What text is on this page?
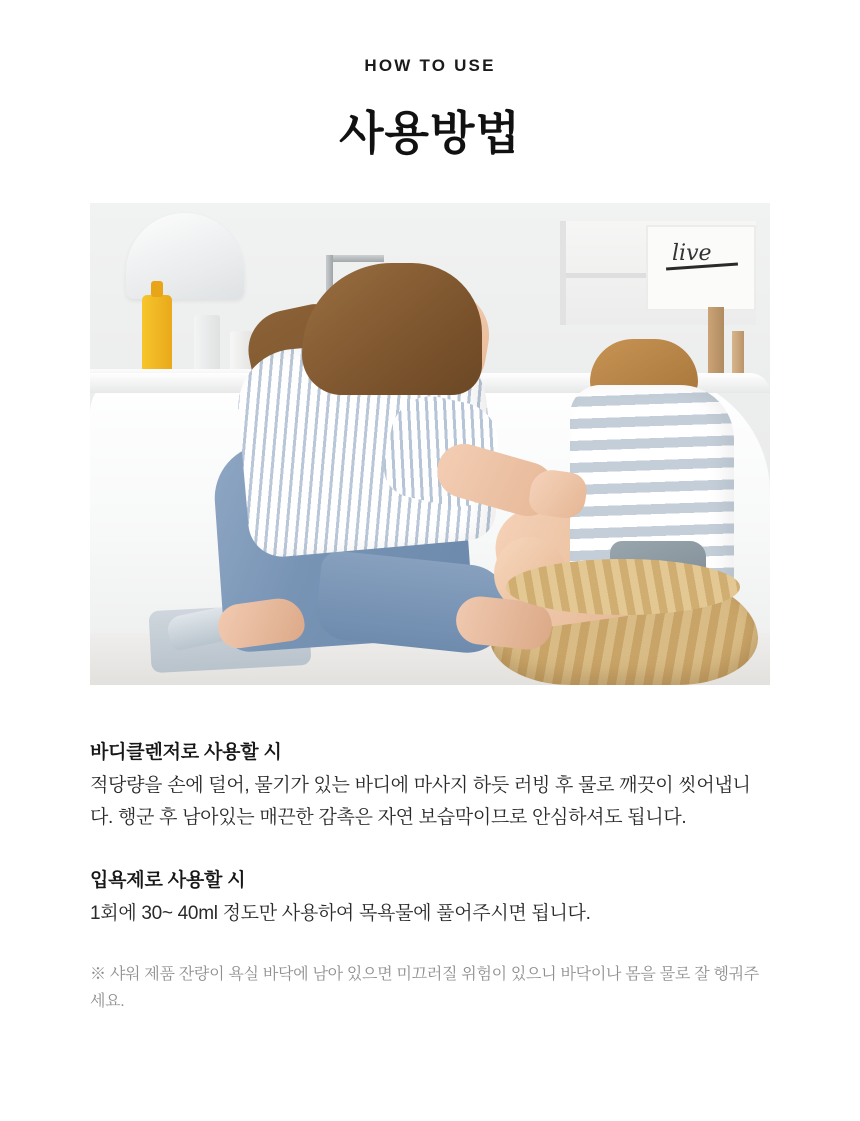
HOW TO USE
사용방법
live
바디클렌저로 사용할 시

적당량을 손에 덜어, 물기가 있는 바디에 마사지 하듯 러빙 후 물로 깨끗이 씻어냅니다. 행군 후 남아있는 매끈한 감촉은 자연 보습막이므로 안심하셔도 됩니다.

입욕제로 사용할 시

1회에 30~ 40ml 정도만 사용하여 목욕물에 풀어주시면 됩니다.

※ 샤워 제품 잔량이 욕실 바닥에 남아 있으면 미끄러질 위험이 있으니 바닥이나 몸을 물로 잘 헹궈주세요.
